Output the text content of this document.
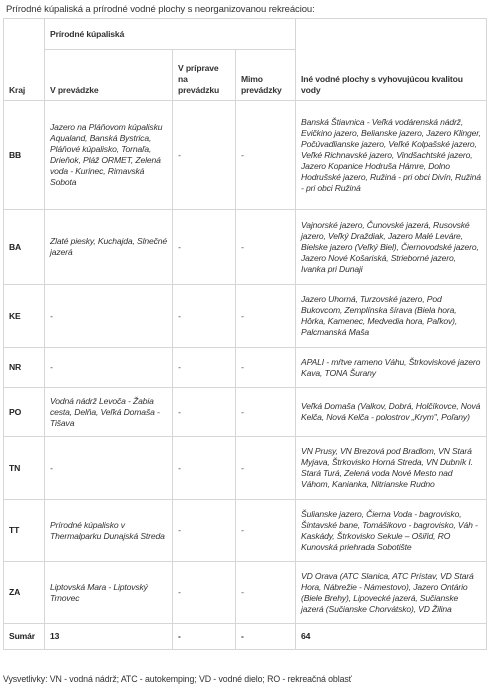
Prírodné kúpaliská a prírodné vodné plochy s neorganizovanou rekreáciou:
Kraj	Prírodné kúpaliská			Iné vodné plochy s vyhovujúcou kvalitou vody
	V prevádzke	V príprave na prevádzku	Mimo prevádzky	
BB	Jazero na Pláňovom kúpalisku Aqualand, Banská Bystrica, Pláňové kúpalisko, Tornaľa, Drieňok, Pláž ORMET, Zelená voda - Kurinec, Rimavská Sobota	-	-	Banská Štiavnica - Veľká vodárenská nádrž, Evičkino jazero, Belianske jazero, Jazero Klinger, Počúvadlianske jazero, Veľké Kolpašské jazero, Veľké Richnavské jazero, Vindšachtské jazero, Jazero Kopanice Hodruša Hámre, Dolno Hodrušské jazero, Ružiná - pri obci Divín, Ružiná - pri obci Ružiná
BA	Zlaté piesky, Kuchajda, Slnečné jazerá	-	-	Vajnorské jazero, Čunovské jazerá, Rusovské jazero, Veľký Draždiak, Jazero Malé Leváre, Bielske jazero (Veľký Biel), Čiernovodské jazero, Jazero Nové Košariská, Strieborné jazero, Ivanka pri Dunaji
KE	-	-	-	Jazero Uhorná, Turzovské jazero, Pod Bukovcom, Zemplínska šírava (Biela hora, Hôrka, Kamenec, Medvedia hora, Paľkov), Palcmanská Maša
NR	-	-	-	APALI - mŕtve rameno Váhu, Štrkoviskové jazero Kava, TONA Šurany
PO	Vodná nádrž Levoča - Žabia cesta, Delňa, Veľká Domaša - Tišava	-	-	Veľká Domaša (Valkov, Dobrá, Holčíkovce, Nová Kelča, Nová Kelča - polostrov „Krym", Poľany)
TN	-	-	-	VN Prusy, VN Brezová pod Bradlom, VN Stará Myjava, Štrkovisko Horná Streda, VN Dubník I. Stará Turá, Zelená voda Nové Mesto nad Váhom, Kanianka, Nitrianske Rudno
TT	Prírodné kúpalisko v Thermalparku Dunajská Streda	-	-	Šulianske jazero, Čierna Voda - bagrovisko, Šintavské bane, Tomášikovo - bagrovisko, Váh - Kaskády, Štrkovisko Sekule – Ošiřid, RO Kunovská priehrada Sobotište
ZA	Liptovská Mara - Liptovský Trnovec	-	-	VD Orava (ATC Slanica, ATC Prístav, VD Stará Hora, Nábrežie - Námestovo), Jazero Ontário (Biele Brehy), Lipovecké jazerá, Sučianske jazerá (Sučianske Chorvátsko), VD Žilina
Sumár	13	-	-	64
Vysvetlivky: VN - vodná nádrž; ATC - autokemping; VD - vodné dielo; RO - rekreačná oblasť
